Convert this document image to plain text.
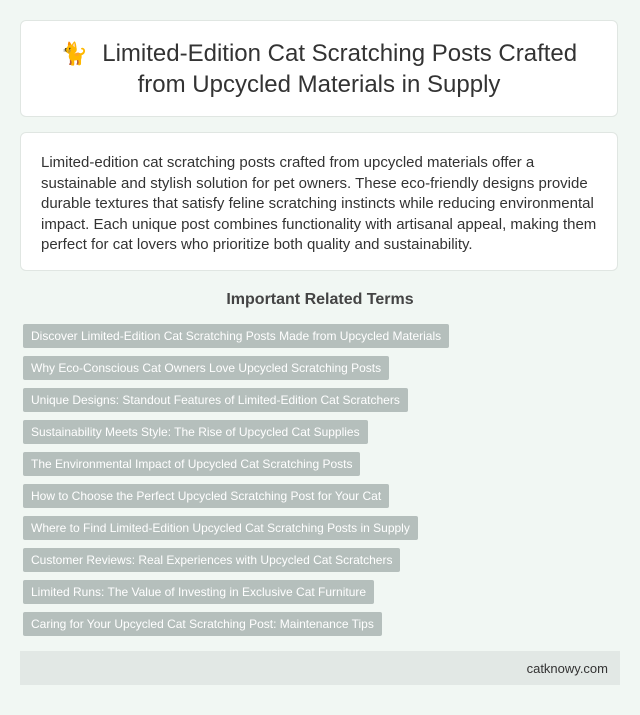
🐈 Limited-Edition Cat Scratching Posts Crafted from Upcycled Materials in Supply

Limited-edition cat scratching posts crafted from upcycled materials offer a sustainable and stylish solution for pet owners. These eco-friendly designs provide durable textures that satisfy feline scratching instincts while reducing environmental impact. Each unique post combines functionality with artisanal appeal, making them perfect for cat lovers who prioritize both quality and sustainability.

Important Related Terms
Discover Limited-Edition Cat Scratching Posts Made from Upcycled Materials
Why Eco-Conscious Cat Owners Love Upcycled Scratching Posts
Unique Designs: Standout Features of Limited-Edition Cat Scratchers
Sustainability Meets Style: The Rise of Upcycled Cat Supplies
The Environmental Impact of Upcycled Cat Scratching Posts
How to Choose the Perfect Upcycled Scratching Post for Your Cat
Where to Find Limited-Edition Upcycled Cat Scratching Posts in Supply
Customer Reviews: Real Experiences with Upcycled Cat Scratchers
Limited Runs: The Value of Investing in Exclusive Cat Furniture
Caring for Your Upcycled Cat Scratching Post: Maintenance Tips
catknowy.com
